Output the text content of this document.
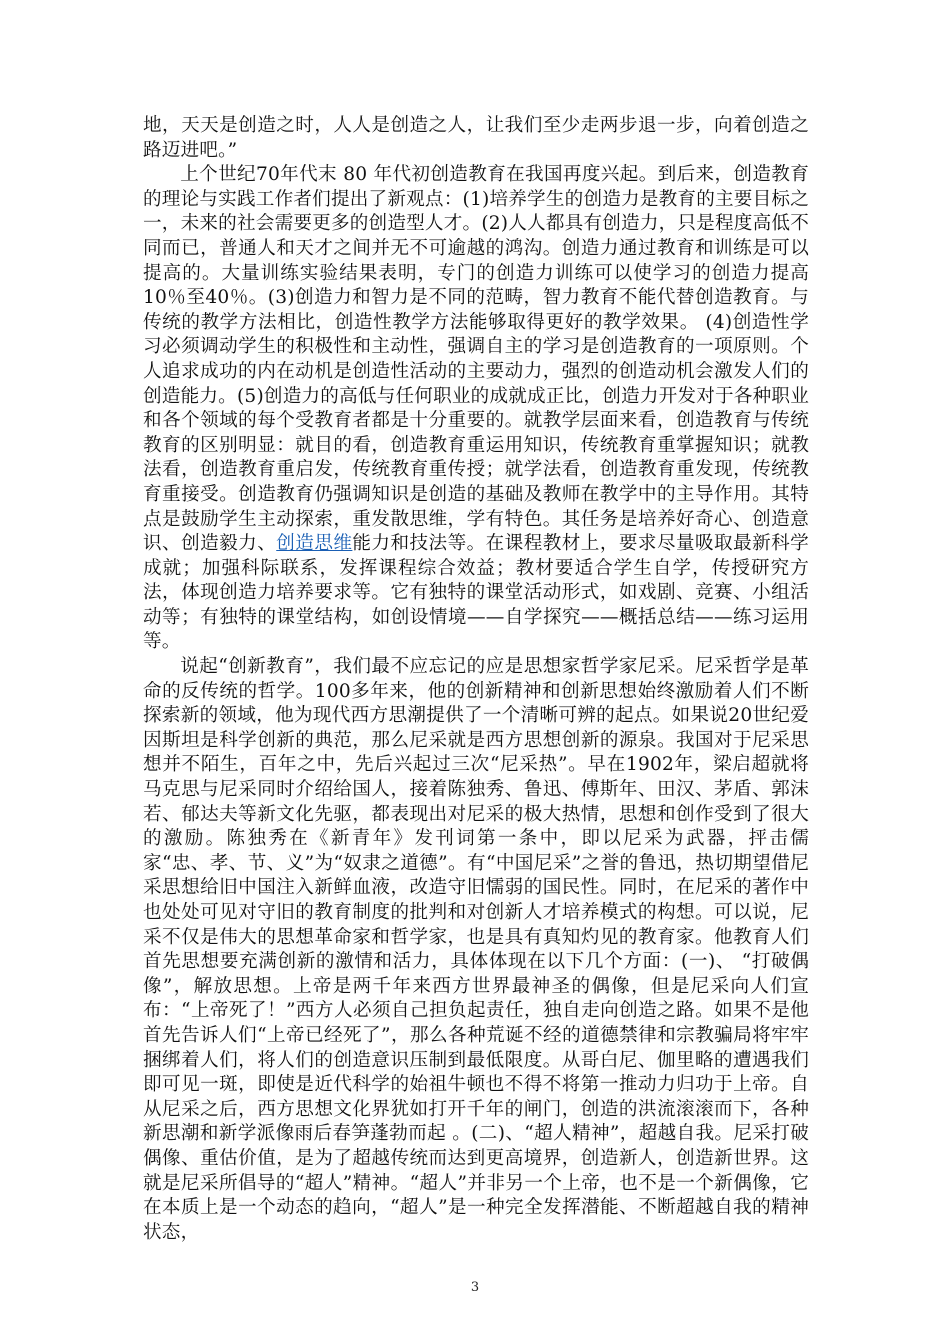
地，天天是创造之时，人人是创造之人，让我们至少走两步退一步，向着创造之路迈进吧。”

上个世纪70年代末 80 年代初创造教育在我国再度兴起。到后来，创造教育的理论与实践工作者们提出了新观点：(1)培养学生的创造力是教育的主要目标之一，未来的社会需要更多的创造型人才。(2)人人都具有创造力，只是程度高低不同而已，普通人和天才之间并无不可逾越的鸿沟。创造力通过教育和训练是可以提高的。大量训练实验结果表明，专门的创造力训练可以使学习的创造力提高10％至40％。(3)创造力和智力是不同的范畴，智力教育不能代替创造教育。与传统的教学方法相比，创造性教学方法能够取得更好的教学效果。 (4)创造性学习必须调动学生的积极性和主动性，强调自主的学习是创造教育的一项原则。个人追求成功的内在动机是创造性活动的主要动力，强烈的创造动机会激发人们的创造能力。(5)创造力的高低与任何职业的成就成正比，创造力开发对于各种职业和各个领域的每个受教育者都是十分重要的。就教学层面来看，创造教育与传统教育的区别明显：就目的看，创造教育重运用知识，传统教育重掌握知识；就教法看，创造教育重启发，传统教育重传授；就学法看，创造教育重发现，传统教育重接受。创造教育仍强调知识是创造的基础及教师在教学中的主导作用。其特点是鼓励学生主动探索，重发散思维，学有特色。其任务是培养好奇心、创造意识、创造毅力、创造思维能力和技法等。在课程教材上，要求尽量吸取最新科学成就；加强科际联系，发挥课程综合效益；教材要适合学生自学，传授研究方法，体现创造力培养要求等。它有独特的课堂活动形式，如戏剧、竞赛、小组活动等；有独特的课堂结构，如创设情境——自学探究——概括总结——练习运用等。

说起“创新教育”，我们最不应忘记的应是思想家哲学家尼采。尼采哲学是革命的反传统的哲学。100多年来，他的创新精神和创新思想始终激励着人们不断探索新的领域，他为现代西方思潮提供了一个清晰可辨的起点。如果说20世纪爱因斯坦是科学创新的典范，那么尼采就是西方思想创新的源泉。我国对于尼采思想并不陌生，百年之中，先后兴起过三次“尼采热”。早在1902年，梁启超就将马克思与尼采同时介绍给国人，接着陈独秀、鲁迅、傅斯年、田汉、茅盾、郭沫若、郁达夫等新文化先驱，都表现出对尼采的极大热情，思想和创作受到了很大的激励。陈独秀在《新青年》发刊词第一条中，即以尼采为武器，抨击儒家“忠、孝、节、义”为“奴隶之道德”。有“中国尼采”之誉的鲁迅，热切期望借尼采思想给旧中国注入新鲜血液，改造守旧懦弱的国民性。同时，在尼采的著作中也处处可见对守旧的教育制度的批判和对创新人才培养模式的构想。可以说，尼采不仅是伟大的思想革命家和哲学家，也是具有真知灼见的教育家。他教育人们首先思想要充满创新的激情和活力，具体体现在以下几个方面：(一)、 “打破偶像”，解放思想。上帝是两千年来西方世界最神圣的偶像，但是尼采向人们宣布：“上帝死了！”西方人必须自己担负起责任，独自走向创造之路。如果不是他首先告诉人们“上帝已经死了”，那么各种荒诞不经的道德禁律和宗教骗局将牢牢捆绑着人们，将人们的创造意识压制到最低限度。从哥白尼、伽里略的遭遇我们即可见一斑，即使是近代科学的始祖牛顿也不得不将第一推动力归功于上帝。自从尼采之后，西方思想文化界犹如打开千年的闸门，创造的洪流滚滚而下，各种新思潮和新学派像雨后春笋蓬勃而起 。(二)、“超人精神”，超越自我。尼采打破偶像、重估价值，是为了超越传统而达到更高境界，创造新人，创造新世界。这就是尼采所倡导的“超人”精神。“超人”并非另一个上帝，也不是一个新偶像，它在本质上是一个动态的趋向，“超人”是一种完全发挥潜能、不断超越自我的精神状态，

3
